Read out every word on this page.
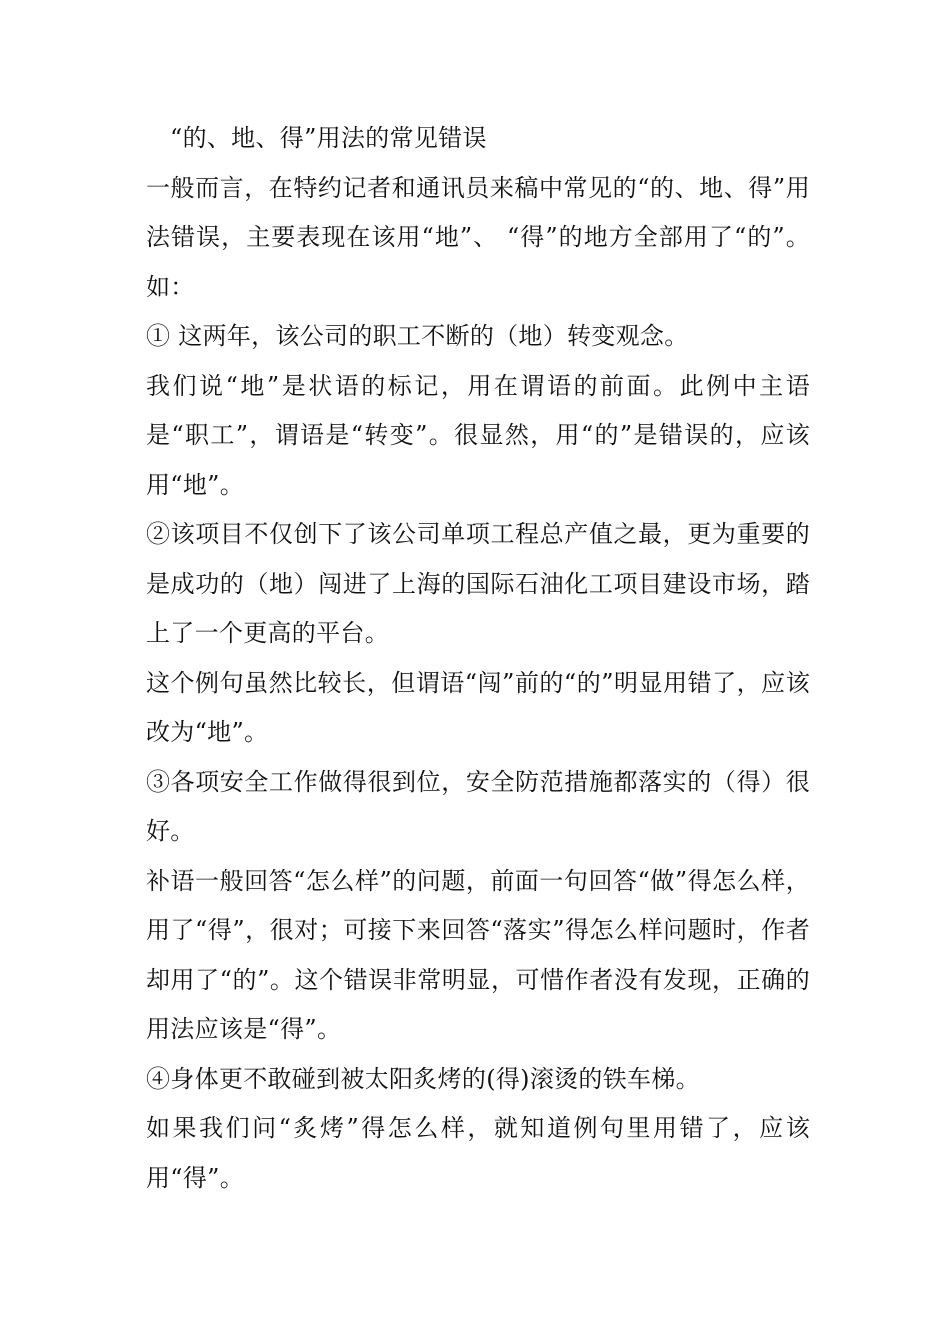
“的、地、得”用法的常见错误

一般而言，在特约记者和通讯员来稿中常见的“的、地、得”用法错误，主要表现在该用“地”、 “得”的地方全部用了“的”。如：

① 这两年，该公司的职工不断的（地）转变观念。

我们说“地”是状语的标记，用在谓语的前面。此例中主语是“职工”，谓语是“转变”。很显然，用“的”是错误的，应该用“地”。

②该项目不仅创下了该公司单项工程总产值之最，更为重要的是成功的（地）闯进了上海的国际石油化工项目建设市场，踏上了一个更高的平台。

这个例句虽然比较长，但谓语“闯”前的“的”明显用错了，应该改为“地”。

③各项安全工作做得很到位，安全防范措施都落实的（得）很好。

补语一般回答“怎么样”的问题，前面一句回答“做”得怎么样，用了“得”，很对；可接下来回答“落实”得怎么样问题时，作者却用了“的”。这个错误非常明显，可惜作者没有发现，正确的用法应该是“得”。

④身体更不敢碰到被太阳炙烤的(得)滚烫的铁车梯。

如果我们问“炙烤”得怎么样，就知道例句里用错了，应该用“得”。
